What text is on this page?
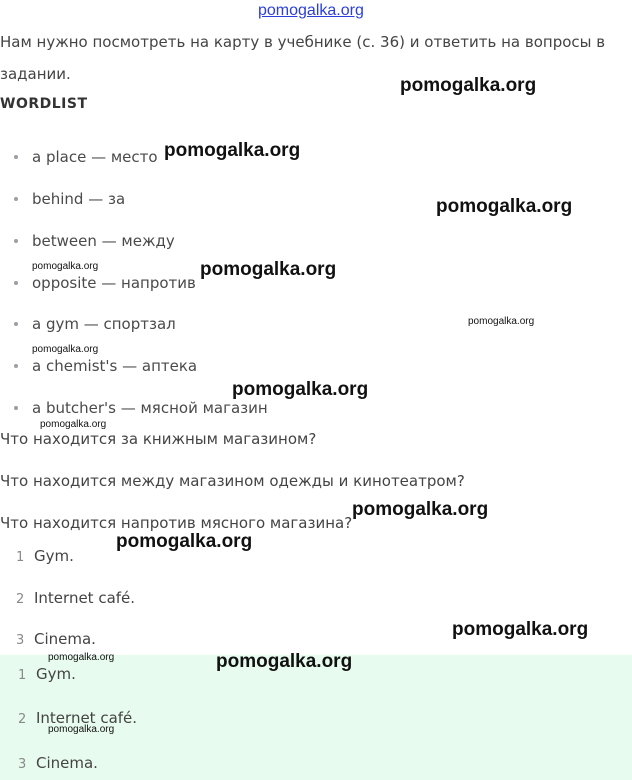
pomogalka.org
Нам нужно посмотреть на карту в учебнике (с. 36) и ответить на вопросы в
задании.
WORDLIST
a place — место
behind — за
between — между
opposite — напротив
a gym — спортзал
a chemist's — аптека
a butcher's — мясной магазин
Что находится за книжным магазином?
Что находится между магазином одежды и кинотеатром?
Что находится напротив мясного магазина?
1 Gym.
2 Internet café.
3 Cinema.
1 Gym.
2 Internet café.
3 Cinema.
pomogalka.org
pomogalka.org
pomogalka.org
pomogalka.org
pomogalka.org
pomogalka.org
pomogalka.org
pomogalka.org
pomogalka.org
pomogalka.org
pomogalka.org
pomogalka.org
pomogalka.org	pomogalka.org
pomogalka.org
